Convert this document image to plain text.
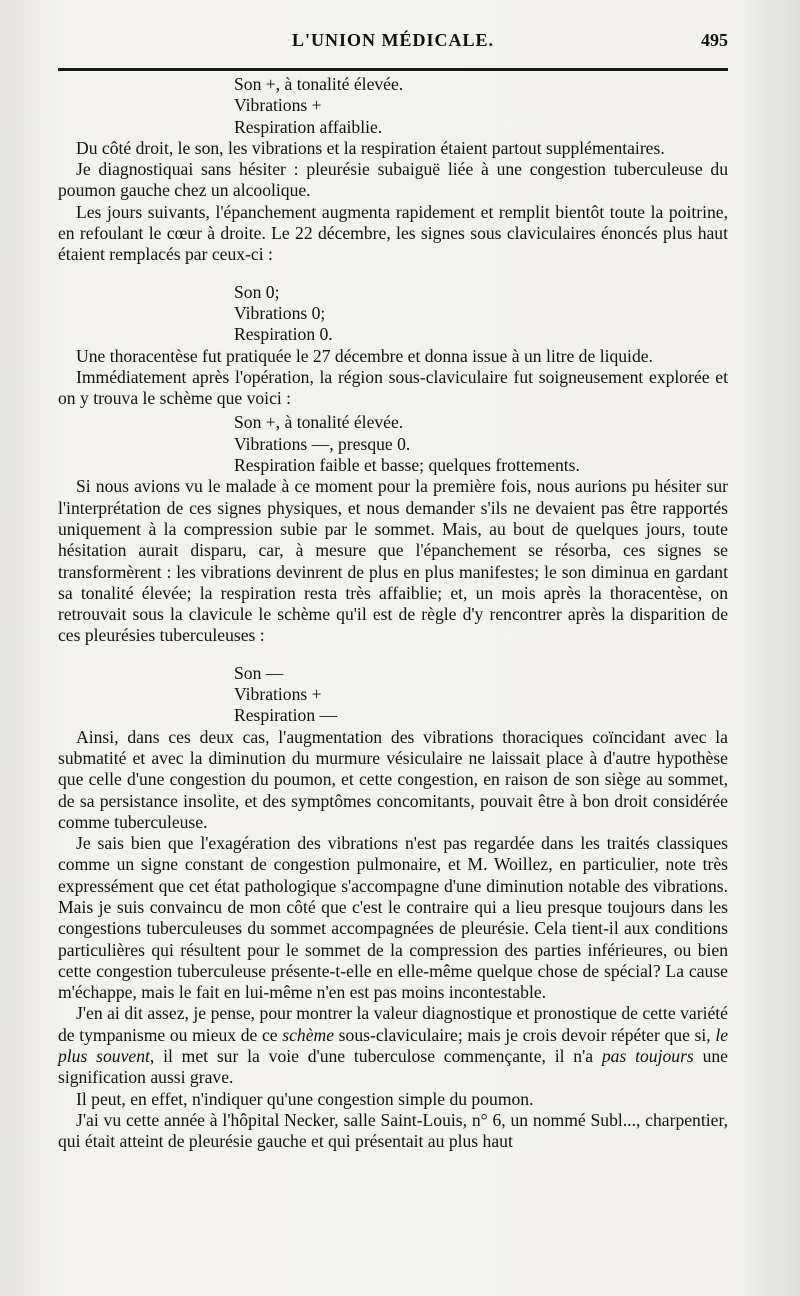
L'UNION MÉDICALE.	495
Son +, à tonalité élevée.
Vibrations +
Respiration affaiblie.

Du côté droit, le son, les vibrations et la respiration étaient partout supplémentaires.

Je diagnostiquai sans hésiter : pleurésie subaiguë liée à une congestion tuberculeuse du poumon gauche chez un alcoolique.

Les jours suivants, l'épanchement augmenta rapidement et remplit bientôt toute la poitrine, en refoulant le cœur à droite. Le 22 décembre, les signes sous claviculaires énoncés plus haut étaient remplacés par ceux-ci :

Son 0;
Vibrations 0;
Respiration 0.

Une thoracentèse fut pratiquée le 27 décembre et donna issue à un litre de liquide.

Immédiatement après l'opération, la région sous-claviculaire fut soigneusement explorée et on y trouva le schème que voici :

Son +, à tonalité élevée.
Vibrations —, presque 0.
Respiration faible et basse; quelques frottements.

Si nous avions vu le malade à ce moment pour la première fois, nous aurions pu hésiter sur l'interprétation de ces signes physiques, et nous demander s'ils ne devaient pas être rapportés uniquement à la compression subie par le sommet. Mais, au bout de quelques jours, toute hésitation aurait disparu, car, à mesure que l'épanchement se résorba, ces signes se transformèrent : les vibrations devinrent de plus en plus manifestes; le son diminua en gardant sa tonalité élevée; la respiration resta très affaiblie; et, un mois après la thoracentèse, on retrouvait sous la clavicule le schème qu'il est de règle d'y rencontrer après la disparition de ces pleurésies tuberculeuses :

Son —
Vibrations +
Respiration —

Ainsi, dans ces deux cas, l'augmentation des vibrations thoraciques coïncidant avec la submatité et avec la diminution du murmure vésiculaire ne laissait place à d'autre hypothèse que celle d'une congestion du poumon, et cette congestion, en raison de son siège au sommet, de sa persistance insolite, et des symptômes concomitants, pouvait être à bon droit considérée comme tuberculeuse.

Je sais bien que l'exagération des vibrations n'est pas regardée dans les traités classiques comme un signe constant de congestion pulmonaire, et M. Woillez, en particulier, note très expressément que cet état pathologique s'accompagne d'une diminution notable des vibrations. Mais je suis convaincu de mon côté que c'est le contraire qui a lieu presque toujours dans les congestions tuberculeuses du sommet accompagnées de pleurésie. Cela tient-il aux conditions particulières qui résultent pour le sommet de la compression des parties inférieures, ou bien cette congestion tuberculeuse présente-t-elle en elle-même quelque chose de spécial? La cause m'échappe, mais le fait en lui-même n'en est pas moins incontestable.

J'en ai dit assez, je pense, pour montrer la valeur diagnostique et pronostique de cette variété de tympanisme ou mieux de ce schème sous-claviculaire; mais je crois devoir répéter que si, le plus souvent, il met sur la voie d'une tuberculose commençante, il n'a pas toujours une signification aussi grave.

Il peut, en effet, n'indiquer qu'une congestion simple du poumon.

J'ai vu cette année à l'hôpital Necker, salle Saint-Louis, n° 6, un nommé Subl..., charpentier, qui était atteint de pleurésie gauche et qui présentait au plus haut
